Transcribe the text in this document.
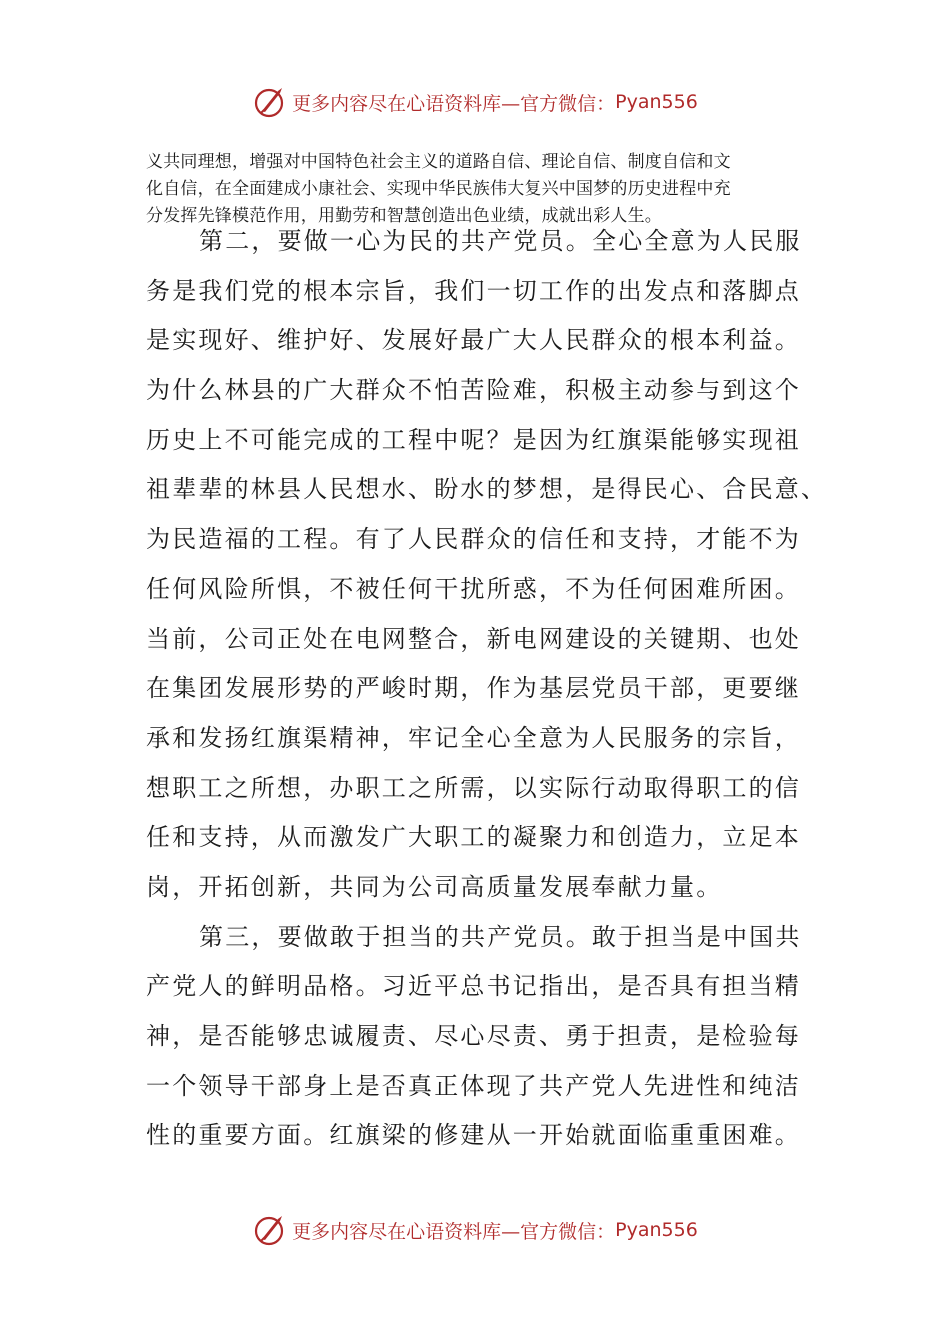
更多内容尽在心语资料库—官方微信： Pyan556
义共同理想，增强对中国特色社会主义的道路自信、理论自信、制度自信和文
化自信，在全面建成小康社会、实现中华民族伟大复兴中国梦的历史进程中充
分发挥先锋模范作用，用勤劳和智慧创造出色业绩，成就出彩人生。
第二，要做一心为民的共产党员。全心全意为人民服
务是我们党的根本宗旨，我们一切工作的出发点和落脚点
是实现好、维护好、发展好最广大人民群众的根本利益。
为什么林县的广大群众不怕苦险难，积极主动参与到这个
历史上不可能完成的工程中呢？是因为红旗渠能够实现祖
祖辈辈的林县人民想水、盼水的梦想，是得民心、合民意、
为民造福的工程。有了人民群众的信任和支持，才能不为
任何风险所惧，不被任何干扰所惑，不为任何困难所困。
当前，公司正处在电网整合，新电网建设的关键期、也处
在集团发展形势的严峻时期，作为基层党员干部，更要继
承和发扬红旗渠精神，牢记全心全意为人民服务的宗旨，
想职工之所想，办职工之所需，以实际行动取得职工的信
任和支持，从而激发广大职工的凝聚力和创造力，立足本
岗，开拓创新，共同为公司高质量发展奉献力量。
第三，要做敢于担当的共产党员。敢于担当是中国共
产党人的鲜明品格。习近平总书记指出，是否具有担当精
神，是否能够忠诚履责、尽心尽责、勇于担责，是检验每
一个领导干部身上是否真正体现了共产党人先进性和纯洁
性的重要方面。红旗梁的修建从一开始就面临重重困难。
更多内容尽在心语资料库—官方微信： Pyan556
